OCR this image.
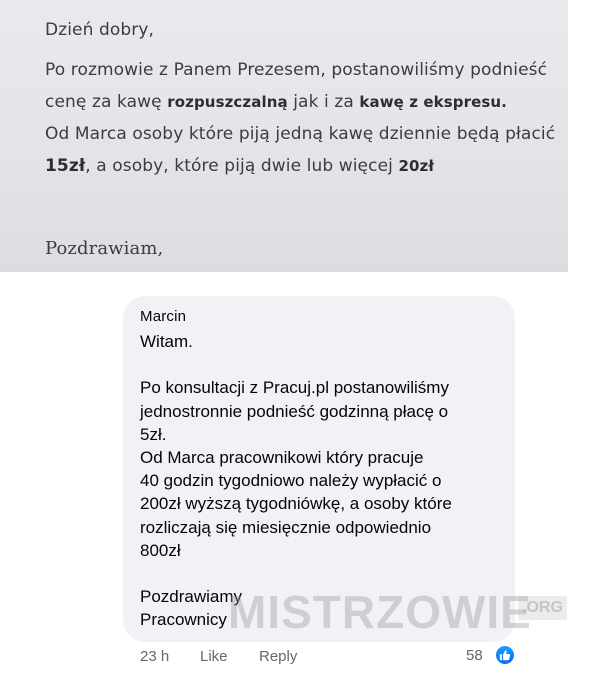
Dzień dobry,
Po rozmowie z Panem Prezesem, postanowiliśmy podnieść
cenę za kawę rozpuszczalną jak i za kawę z ekspresu.
Od Marca osoby które piją jedną kawę dziennie będą płacić
15zł, a osoby, które piją dwie lub więcej 20zł
Pozdrawiam,
Marcin
Witam.
Po konsultacji z Pracuj.pl postanowiliśmy
jednostronnie podnieść godzinną płacę o
5zł.
Od Marca pracownikowi który pracuje
40 godzin tygodniowo należy wypłacić o
200zł wyższą tygodniówkę, a osoby które
rozliczają się miesięcznie odpowiednio
800zł
Pozdrawiamy
Pracownicy MISTRZOWIE
.ORG
23 h Like Reply	58
